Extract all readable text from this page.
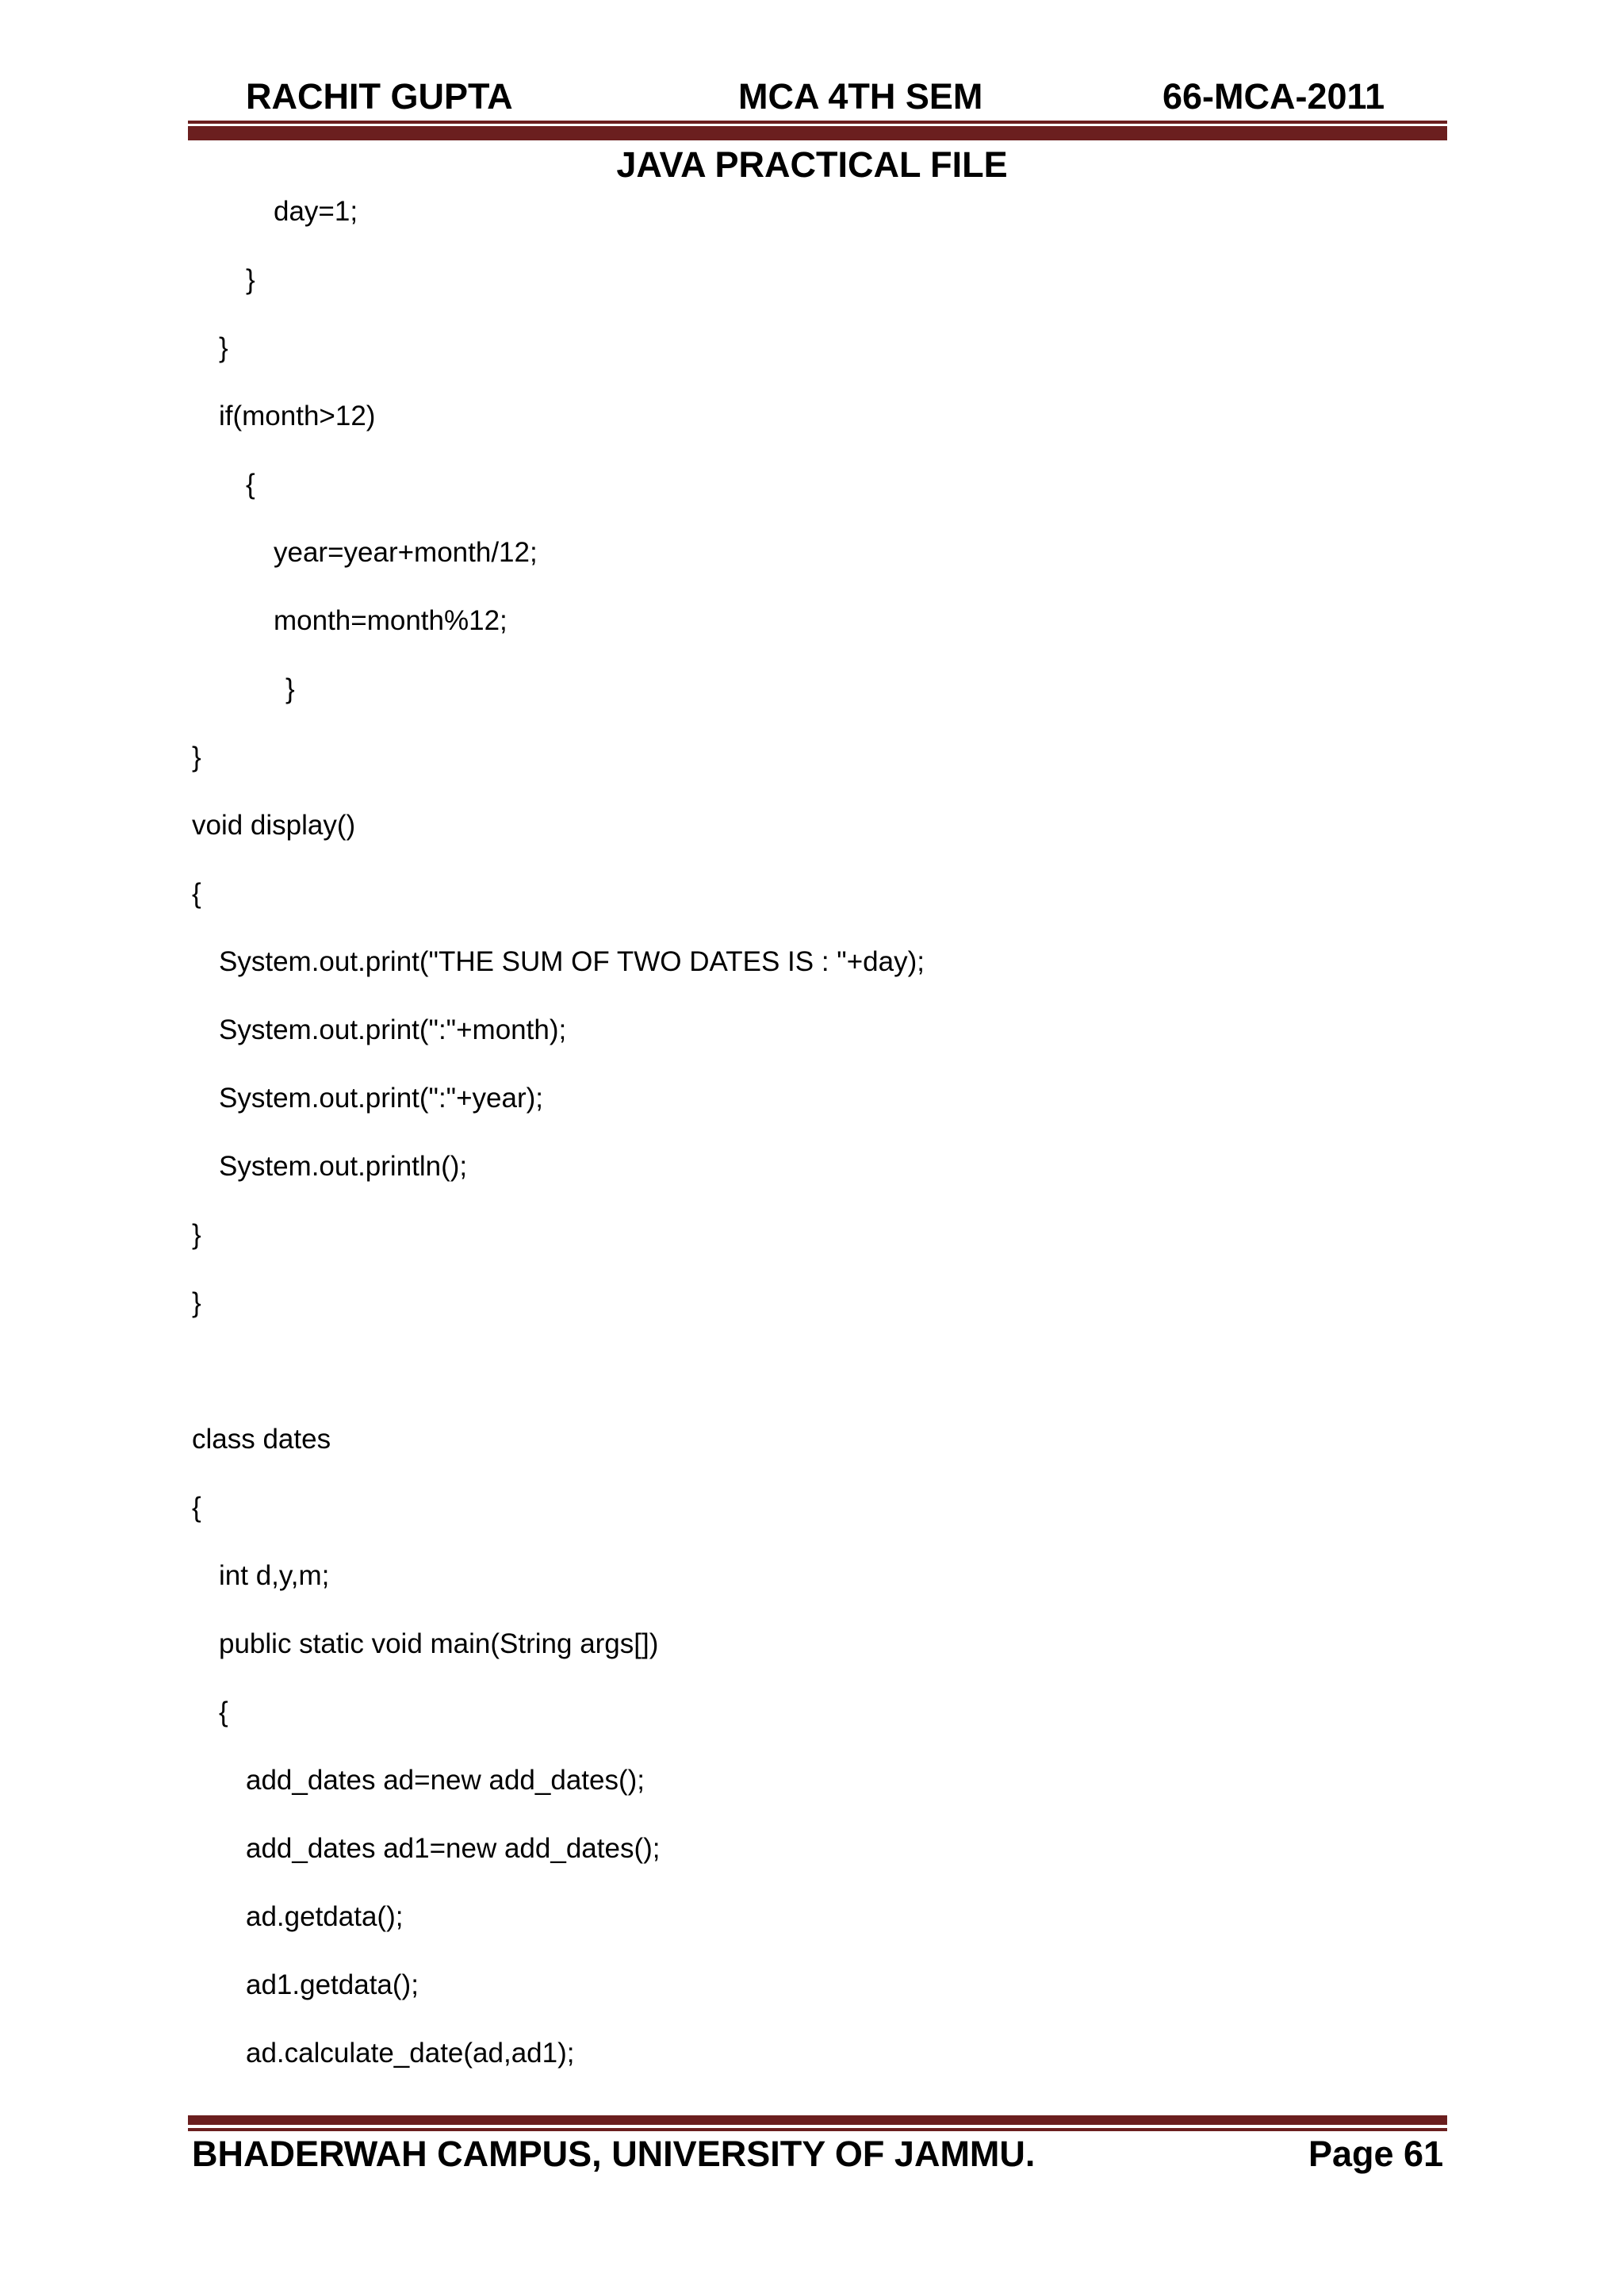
RACHIT GUPTA	MCA 4TH SEM	66-MCA-2011
JAVA PRACTICAL FILE
day=1;
}
}
if(month>12)
{
year=year+month/12;
month=month%12;
}
}
void display()
{
System.out.print("THE SUM OF TWO DATES IS : "+day);
System.out.print(":"+month);
System.out.print(":"+year);
System.out.println();
}
}
class dates
{
int d,y,m;
public static void main(String args[])
{
add_dates ad=new add_dates();
add_dates ad1=new add_dates();
ad.getdata();
ad1.getdata();
ad.calculate_date(ad,ad1);
BHADERWAH CAMPUS, UNIVERSITY OF JAMMU.	Page 61
